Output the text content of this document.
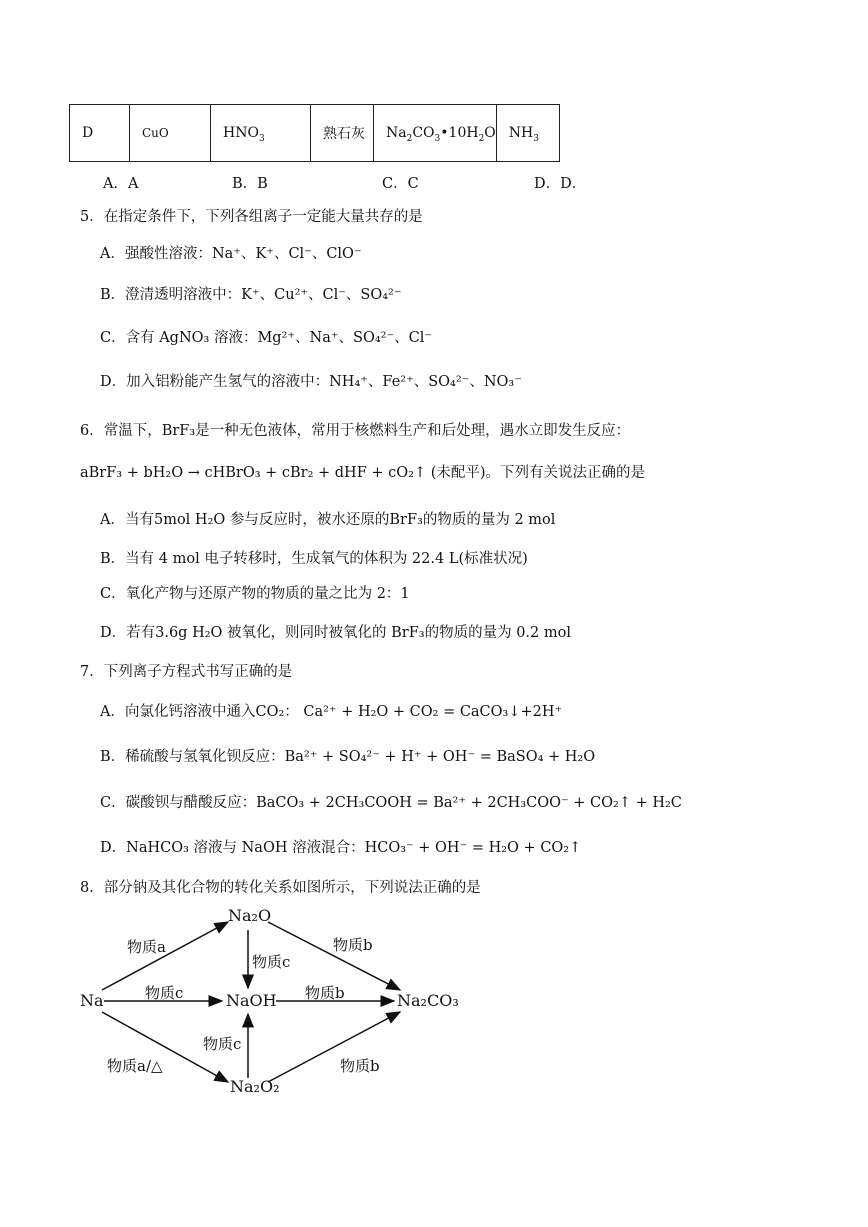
D	CuO	$HNO_3$	熟石灰	$Na_2CO_3•10H_2O$	$NH_3$
A．A	B．B	C．C	D．D．
5．在指定条件下，下列各组离子一定能大量共存的是
A．强酸性溶液：Na⁺、K⁺、Cl⁻、ClO⁻
B．澄清透明溶液中：K⁺、Cu²⁺、Cl⁻、SO₄²⁻
C．含有 AgNO₃ 溶液：Mg²⁺、Na⁺、SO₄²⁻、Cl⁻
D．加入铝粉能产生氢气的溶液中：NH₄⁺、Fe²⁺、SO₄²⁻、NO₃⁻
6．常温下，BrF₃是一种无色液体，常用于核燃料生产和后处理，遇水立即发生反应：
aBrF₃ + bH₂O → cHBrO₃ + cBr₂ + dHF + cO₂↑ (未配平)。下列有关说法正确的是
A．当有5mol H₂O 参与反应时，被水还原的BrF₃的物质的量为 2 mol
B．当有 4 mol 电子转移时，生成氧气的体积为 22.4 L(标准状况)
C．氧化产物与还原产物的物质的量之比为 2：1
D．若有3.6g H₂O 被氧化，则同时被氧化的 BrF₃的物质的量为 0.2 mol
7．下列离子方程式书写正确的是
A．向氯化钙溶液中通入CO₂： Ca²⁺ + H₂O + CO₂ = CaCO₃↓+2H⁺
B．稀硫酸与氢氧化钡反应：Ba²⁺ + SO₄²⁻ + H⁺ + OH⁻ = BaSO₄ + H₂O
C．碳酸钡与醋酸反应：BaCO₃ + 2CH₃COOH = Ba²⁺ + 2CH₃COO⁻ + CO₂↑ + H₂C
D．NaHCO₃ 溶液与 NaOH 溶液混合：HCO₃⁻ + OH⁻ = H₂O + CO₂↑
8．部分钠及其化合物的转化关系如图所示，下列说法正确的是
Na₂O
Na	NaOH	Na₂CO₃
Na₂O₂
物质a	物质b
物质c
物质c	物质b
物质c
物质a/△	物质b
